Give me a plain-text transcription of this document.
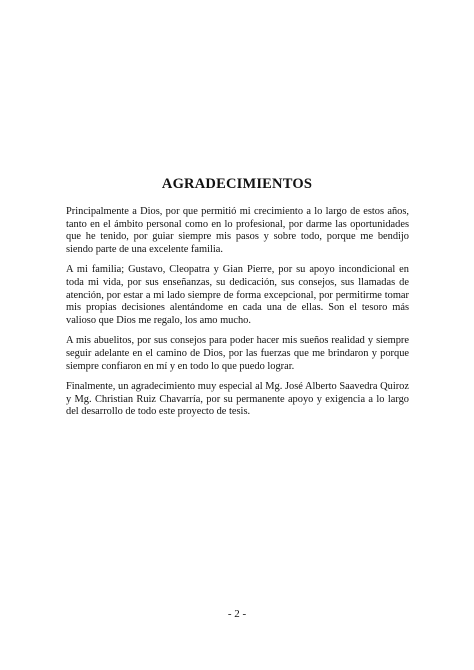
AGRADECIMIENTOS

Principalmente a Dios, por que permitió mi crecimiento a lo largo de estos años, tanto en el ámbito personal como en lo profesional, por darme las oportunidades que he tenido, por guiar siempre mis pasos y sobre todo, porque me bendijo siendo parte de una excelente familia.

A mi familia; Gustavo, Cleopatra y Gian Pierre, por su apoyo incondicional en toda mi vida, por sus enseñanzas, su dedicación, sus consejos, sus llamadas de atención, por estar a mi lado siempre de forma excepcional, por permitirme tomar mis propias decisiones alentándome en cada una de ellas. Son el tesoro más valioso que Dios me regalo, los amo mucho.

A mis abuelitos, por sus consejos para poder hacer mis sueños realidad y siempre seguir adelante en el camino de Dios, por las fuerzas que me brindaron y porque siempre confiaron en mí y en todo lo que puedo lograr.

Finalmente, un agradecimiento muy especial al Mg. José Alberto Saavedra Quiroz y Mg. Christian Ruiz Chavarría, por su permanente apoyo y exigencia a lo largo del desarrollo de todo este proyecto de tesis.

- 2 -
